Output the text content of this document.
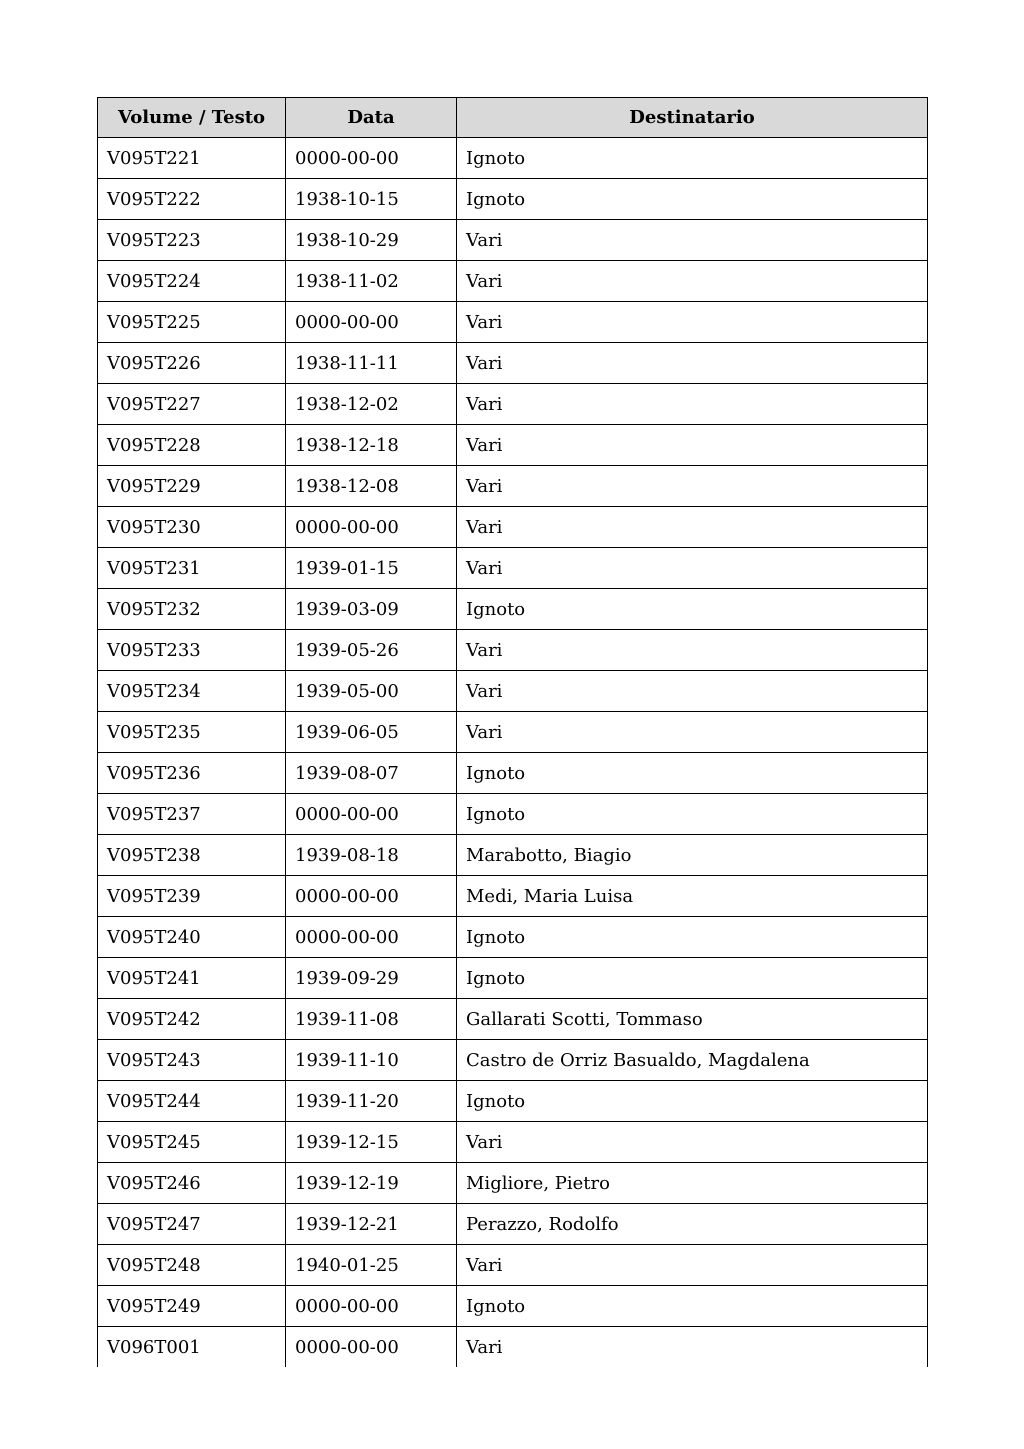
Volume / Testo	Data	Destinatario
V095T221	0000-00-00	Ignoto
V095T222	1938-10-15	Ignoto
V095T223	1938-10-29	Vari
V095T224	1938-11-02	Vari
V095T225	0000-00-00	Vari
V095T226	1938-11-11	Vari
V095T227	1938-12-02	Vari
V095T228	1938-12-18	Vari
V095T229	1938-12-08	Vari
V095T230	0000-00-00	Vari
V095T231	1939-01-15	Vari
V095T232	1939-03-09	Ignoto
V095T233	1939-05-26	Vari
V095T234	1939-05-00	Vari
V095T235	1939-06-05	Vari
V095T236	1939-08-07	Ignoto
V095T237	0000-00-00	Ignoto
V095T238	1939-08-18	Marabotto, Biagio
V095T239	0000-00-00	Medi, Maria Luisa
V095T240	0000-00-00	Ignoto
V095T241	1939-09-29	Ignoto
V095T242	1939-11-08	Gallarati Scotti, Tommaso
V095T243	1939-11-10	Castro de Orriz Basualdo, Magdalena
V095T244	1939-11-20	Ignoto
V095T245	1939-12-15	Vari
V095T246	1939-12-19	Migliore, Pietro
V095T247	1939-12-21	Perazzo, Rodolfo
V095T248	1940-01-25	Vari
V095T249	0000-00-00	Ignoto
V096T001	0000-00-00	Vari
